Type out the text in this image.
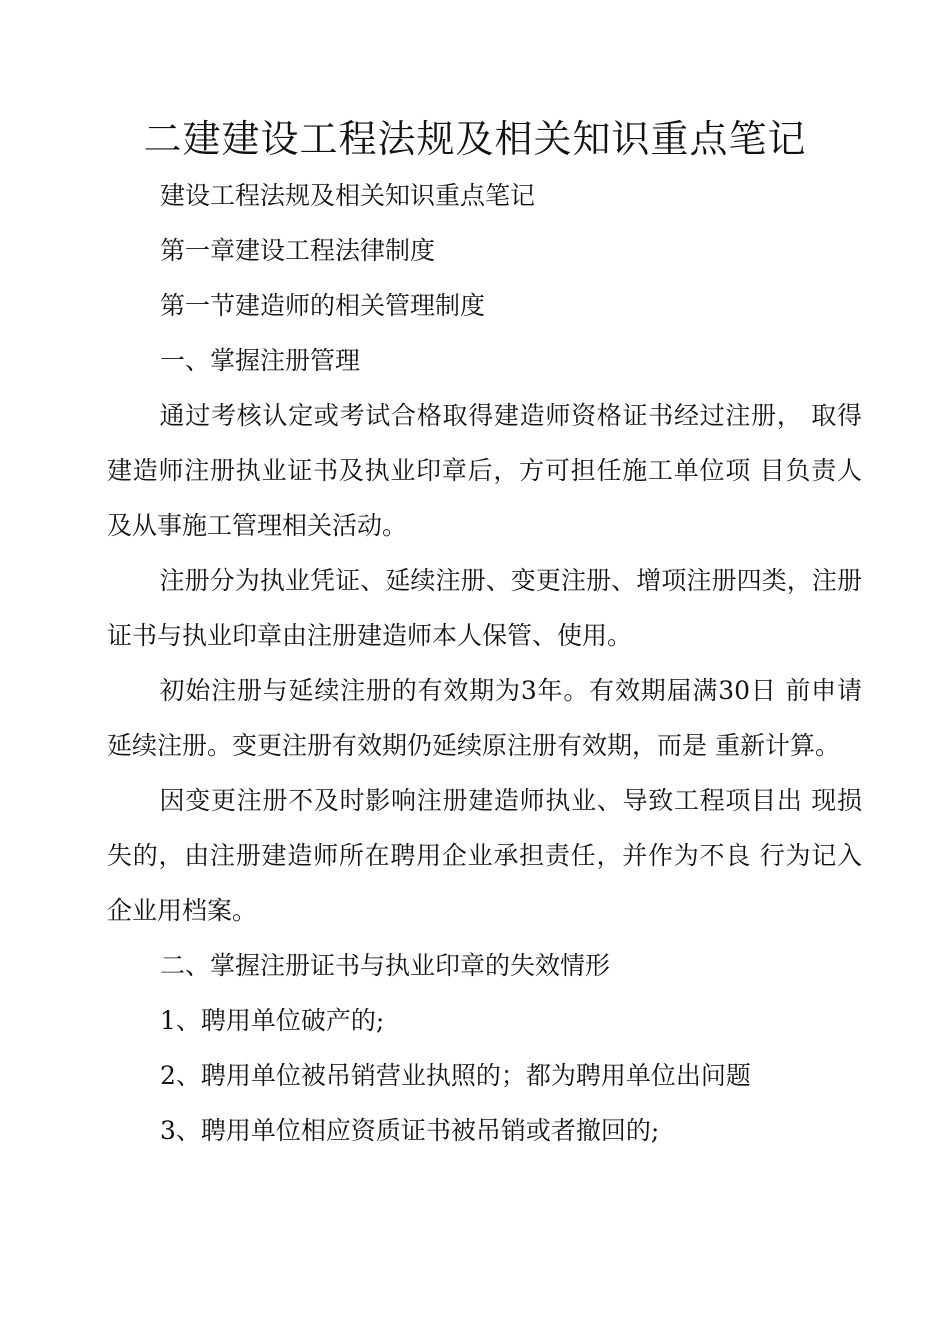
二建建设工程法规及相关知识重点笔记

建设工程法规及相关知识重点笔记

第一章建设工程法律制度

第一节建造师的相关管理制度

一、掌握注册管理

通过考核认定或考试合格取得建造师资格证书经过注册， 取得建造师注册执业证书及执业印章后，方可担任施工单位项 目负责人及从事施工管理相关活动。

注册分为执业凭证、延续注册、变更注册、增项注册四类，注册证书与执业印章由注册建造师本人保管、使用。

初始注册与延续注册的有效期为3年。有效期届满30日 前申请延续注册。变更注册有效期仍延续原注册有效期，而是 重新计算。

因变更注册不及时影响注册建造师执业、导致工程项目出 现损失的，由注册建造师所在聘用企业承担责任，并作为不良 行为记入企业用档案。

二、掌握注册证书与执业印章的失效情形

1、聘用单位破产的;

2、聘用单位被吊销营业执照的；都为聘用单位出问题

3、聘用单位相应资质证书被吊销或者撤回的;
